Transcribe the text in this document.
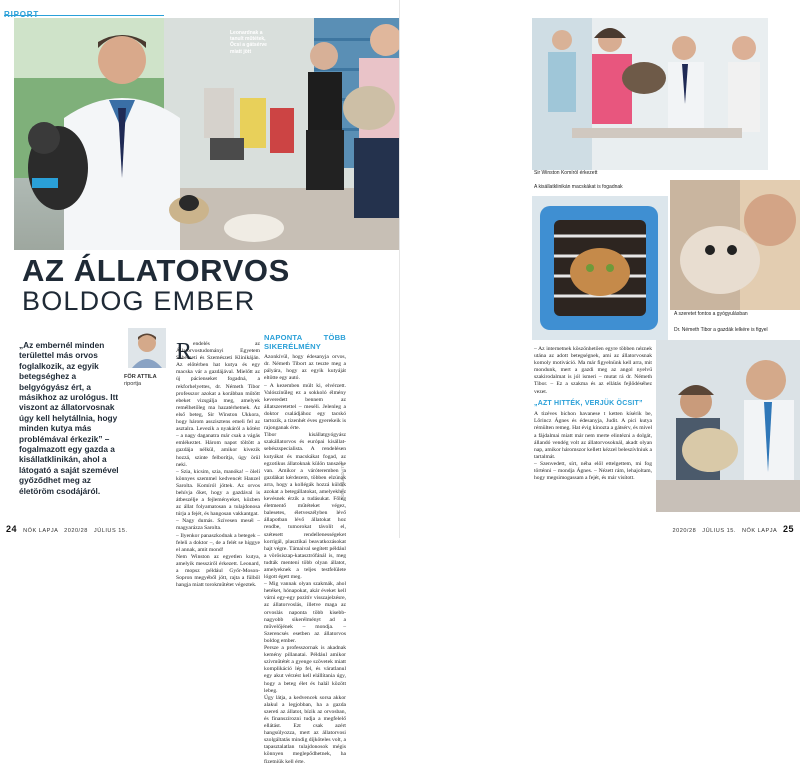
Leonardnak a tanult műtétek, Öcsi a gátsérve miatt jött
AZ ÁLLATORVOS
BOLDOG EMBER
„Az embernél minden területtel más orvos foglalkozik, az egyik betegséghez a belgyógyász ért, a másikhoz az urológus. Itt viszont az állatorvosnak úgy kell helytállnia, hogy minden kutya más problémával érkezik” – fogalmazott egy gazda a kisállatklinikán, ahol a látogató a saját szemével győződhet meg az életöröm csodájáról.
FÖR ATTILA
riportja
R endelés az Állatorvostudományi Egyetem Sebészeti és Szemészeti Klinikáján. Az előtérben hat kutya és egy macska vár a gazdájával. Mielőtt az új pácienseket fogadná, a rekforhelyettes, dr. Németh Tibor professzor azokat a korábban műtött ebeket vizsgálja meg, amelyek remélhetőleg ma hazatérhetnek. Az első beteg, Sir Winston Ukkora, hogy három asszisztens emeli fel az asztalra. Levezik a nyakáról a kötést – a nagy daganatra már csak a vágás emlékeztet. Három napot töltött a gazdája nélkül, amikor kivezik hozzá, szinte felborítja, úgy örül neki.
– Szia, kicsim, szia, manóka! – ölelí könnyes szemmel kedvencét Hanzel Sarolta. Komíról jöttek. Az orvos behívja őket, hogy a gazdával is átbeszélje a fejleményeket, közben az állat folyamatosan a tulajdonosa túrja a fejét, és hangosan vakkantgat.
– Nagy dumás. Szívesen mesél – magyarázza Sarolta.
– Ilyenkor panaszkodnak a betegek – feleli a doktor –, de a felét se higgye el annak, amit mond!
Nem Winston az egyetlen kutya, amelyik messziről érkezett. Leonard, a mopsz például Győr-Moson-Sopron megyéből jött, rajta a fülből hangja miatt torokműtétet végeztek.

NAPONTA TÖBB SIKERÉLMÉNY

Azonkívül, hogy édesanyja orvos, dr. Németh Tibort az teszte meg a pályára, hogy az egyik kutyáját eltötte egy autó.
– A kezemben múlt ki, elvérzett. Valószínűleg ez a sokkoló élmény keveredett bennem az állatszeretettel – meséli. Jelenleg a doktor családjához egy tacskó tartozik, a tizenhét éves gyerekeik is rajonganak érte.
Tibor kisállatgyógyász szakállatorvos és európai kisállat-sebészspecialista. A rendelésen kutyákat és macskákat fogad, az egzotikus állatoknak külön tanszéke van. Amikor a váróteremben a gazdákat kérdezem, többen elzúnak arra, hogy a kollégák hozzá küldik azokat a betegállatokat, amelyekhez kevésnek érzik a tudásukat. Főleg életmentő műtéteket végez, balesetes, életveszélyben lévő állapotban lévő állatokat hoz rendbe, tumorokat távolít el, szétesett rendellenességeket korrigál, plasztikai beavatkozásokat hajt végre. Támaival segített például a vörösiszap-katasztrófánál is, meg tudták menteni több olyan állatot, amelyeknek a teljes testfelülete lógott égett meg.
– Mig vannak olyan szakmák, ahol hetéket, hónapokat, akár éveket kell várni egy-egy pozitív visszajelzésre, az állatorvoslás, illetve maga az orvoslás naponta több kisebb-nagyobb sikerélményt ad a művelőjének – mondja. – Szerencsés esetben az állatorvos boldog ember.
Persze a professzornak is akadnak kemény pillanatai. Például amikor szívműtétét a gyenge szövetek miatt komplikáció lép fel, és váratlanul egy akut vérzést kell elállítania úgy, hogy a beteg élet és halál között lebeg.
Úgy látja, a kedvencek sorsa akkor alakul a legjobban, ha a gazda szereti az állatot, bízik az orvosban, és finanszírozni tudja a megfelelő ellátást. Ezt csak azért hangsúlyozza, mert az állatorvosi szolgáltatás mindig díjköteles volt, a tapasztalatlan tulajdonosok mégis könnyen meglepődhetnek, ha fizetniük kell érte.

FOTÓ: FILAKOVITS
24 NŐK LAPJA 2020/28 JÚLIUS 15.
Sir Winston Komíról érkezett
A kisállatklinikán macskákat is fogadnak
A szeretet fontos a gyógyulásban
Dr. Németh Tibor a gazdák lelkére is figyel

– Az internetnek köszönhetően egyre többen néznek utána az adott betegségnek, ami az állatorvosnak komoly motiváció. Ma már figyelnünk kell arra, mit mondunk, mert a gazdi meg az angol nyelvű szakirodalmat is jól ismeri – mutat rá dr. Németh Tibor. – Ez a szakma és az ellátás fejlődéséhez vezet.

„AZT HITTÉK, VERJÜK ÖCSIT”

A tizéves bichon havanese t ketten kísérik be, Lőrincz Ágnes és édesanyja, Judit. A pici kutya rémülten remeg. Hat évig kínozta a gátsérv, és mivel a fájdalmai miatt már nem merte elintézni a dolgát, állandó vendég volt az állatorvosoknál, akadt olyan nap, amikor háromszor kellett kézzel beleszívlniuk a tartalmát.
– Szenvedett, sírt, néha elől ettelgettem, mi fog történni – mondja Ágnes. – Nézett rám, lehajoltam, hogy megsimogassam a fejét, és már visított.

2020/28 JÚLIUS 15. NŐK LAPJA 25
